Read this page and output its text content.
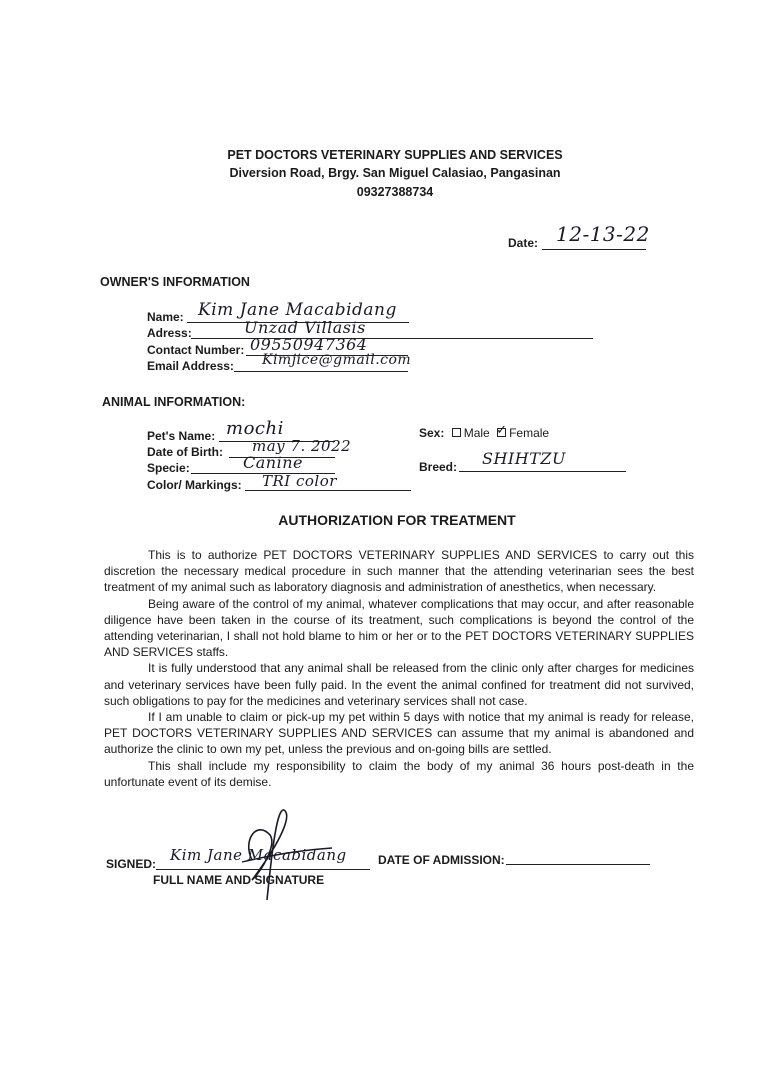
PET DOCTORS VETERINARY SUPPLIES AND SERVICES
Diversion Road, Brgy. San Miguel Calasiao, Pangasinan
09327388734
Date: 12-13-22
OWNER'S INFORMATION
Name: Kim Jane Macabidang
Adress:	Unzad Villasis
Contact Number: 09550947364
Email Address: Kimjice@gmail.com
ANIMAL INFORMATION:
Pet's Name: mochi
Date of Birth: may 7. 2022
Specie:	Canine
Color/ Markings: TRI color
Sex: Male ✓ Female
Breed: SHIHTZU
AUTHORIZATION FOR TREATMENT

This is to authorize PET DOCTORS VETERINARY SUPPLIES AND SERVICES to carry out this discretion the necessary medical procedure in such manner that the attending veterinarian sees the best treatment of my animal such as laboratory diagnosis and administration of anesthetics, when necessary.

Being aware of the control of my animal, whatever complications that may occur, and after reasonable diligence have been taken in the course of its treatment, such complications is beyond the control of the attending veterinarian, I shall not hold blame to him or her or to the PET DOCTORS VETERINARY SUPPLIES AND SERVICES staffs.

It is fully understood that any animal shall be released from the clinic only after charges for medicines and veterinary services have been fully paid. In the event the animal confined for treatment did not survived, such obligations to pay for the medicines and veterinary services shall not case.

If I am unable to claim or pick-up my pet within 5 days with notice that my animal is ready for release, PET DOCTORS VETERINARY SUPPLIES AND SERVICES can assume that my animal is abandoned and authorize the clinic to own my pet, unless the previous and on-going bills are settled.

This shall include my responsibility to claim the body of my animal 36 hours post-death in the unfortunate event of its demise.

SIGNED: Kim Jane Macabidang
FULL NAME AND SIGNATURE
DATE OF ADMISSION:
